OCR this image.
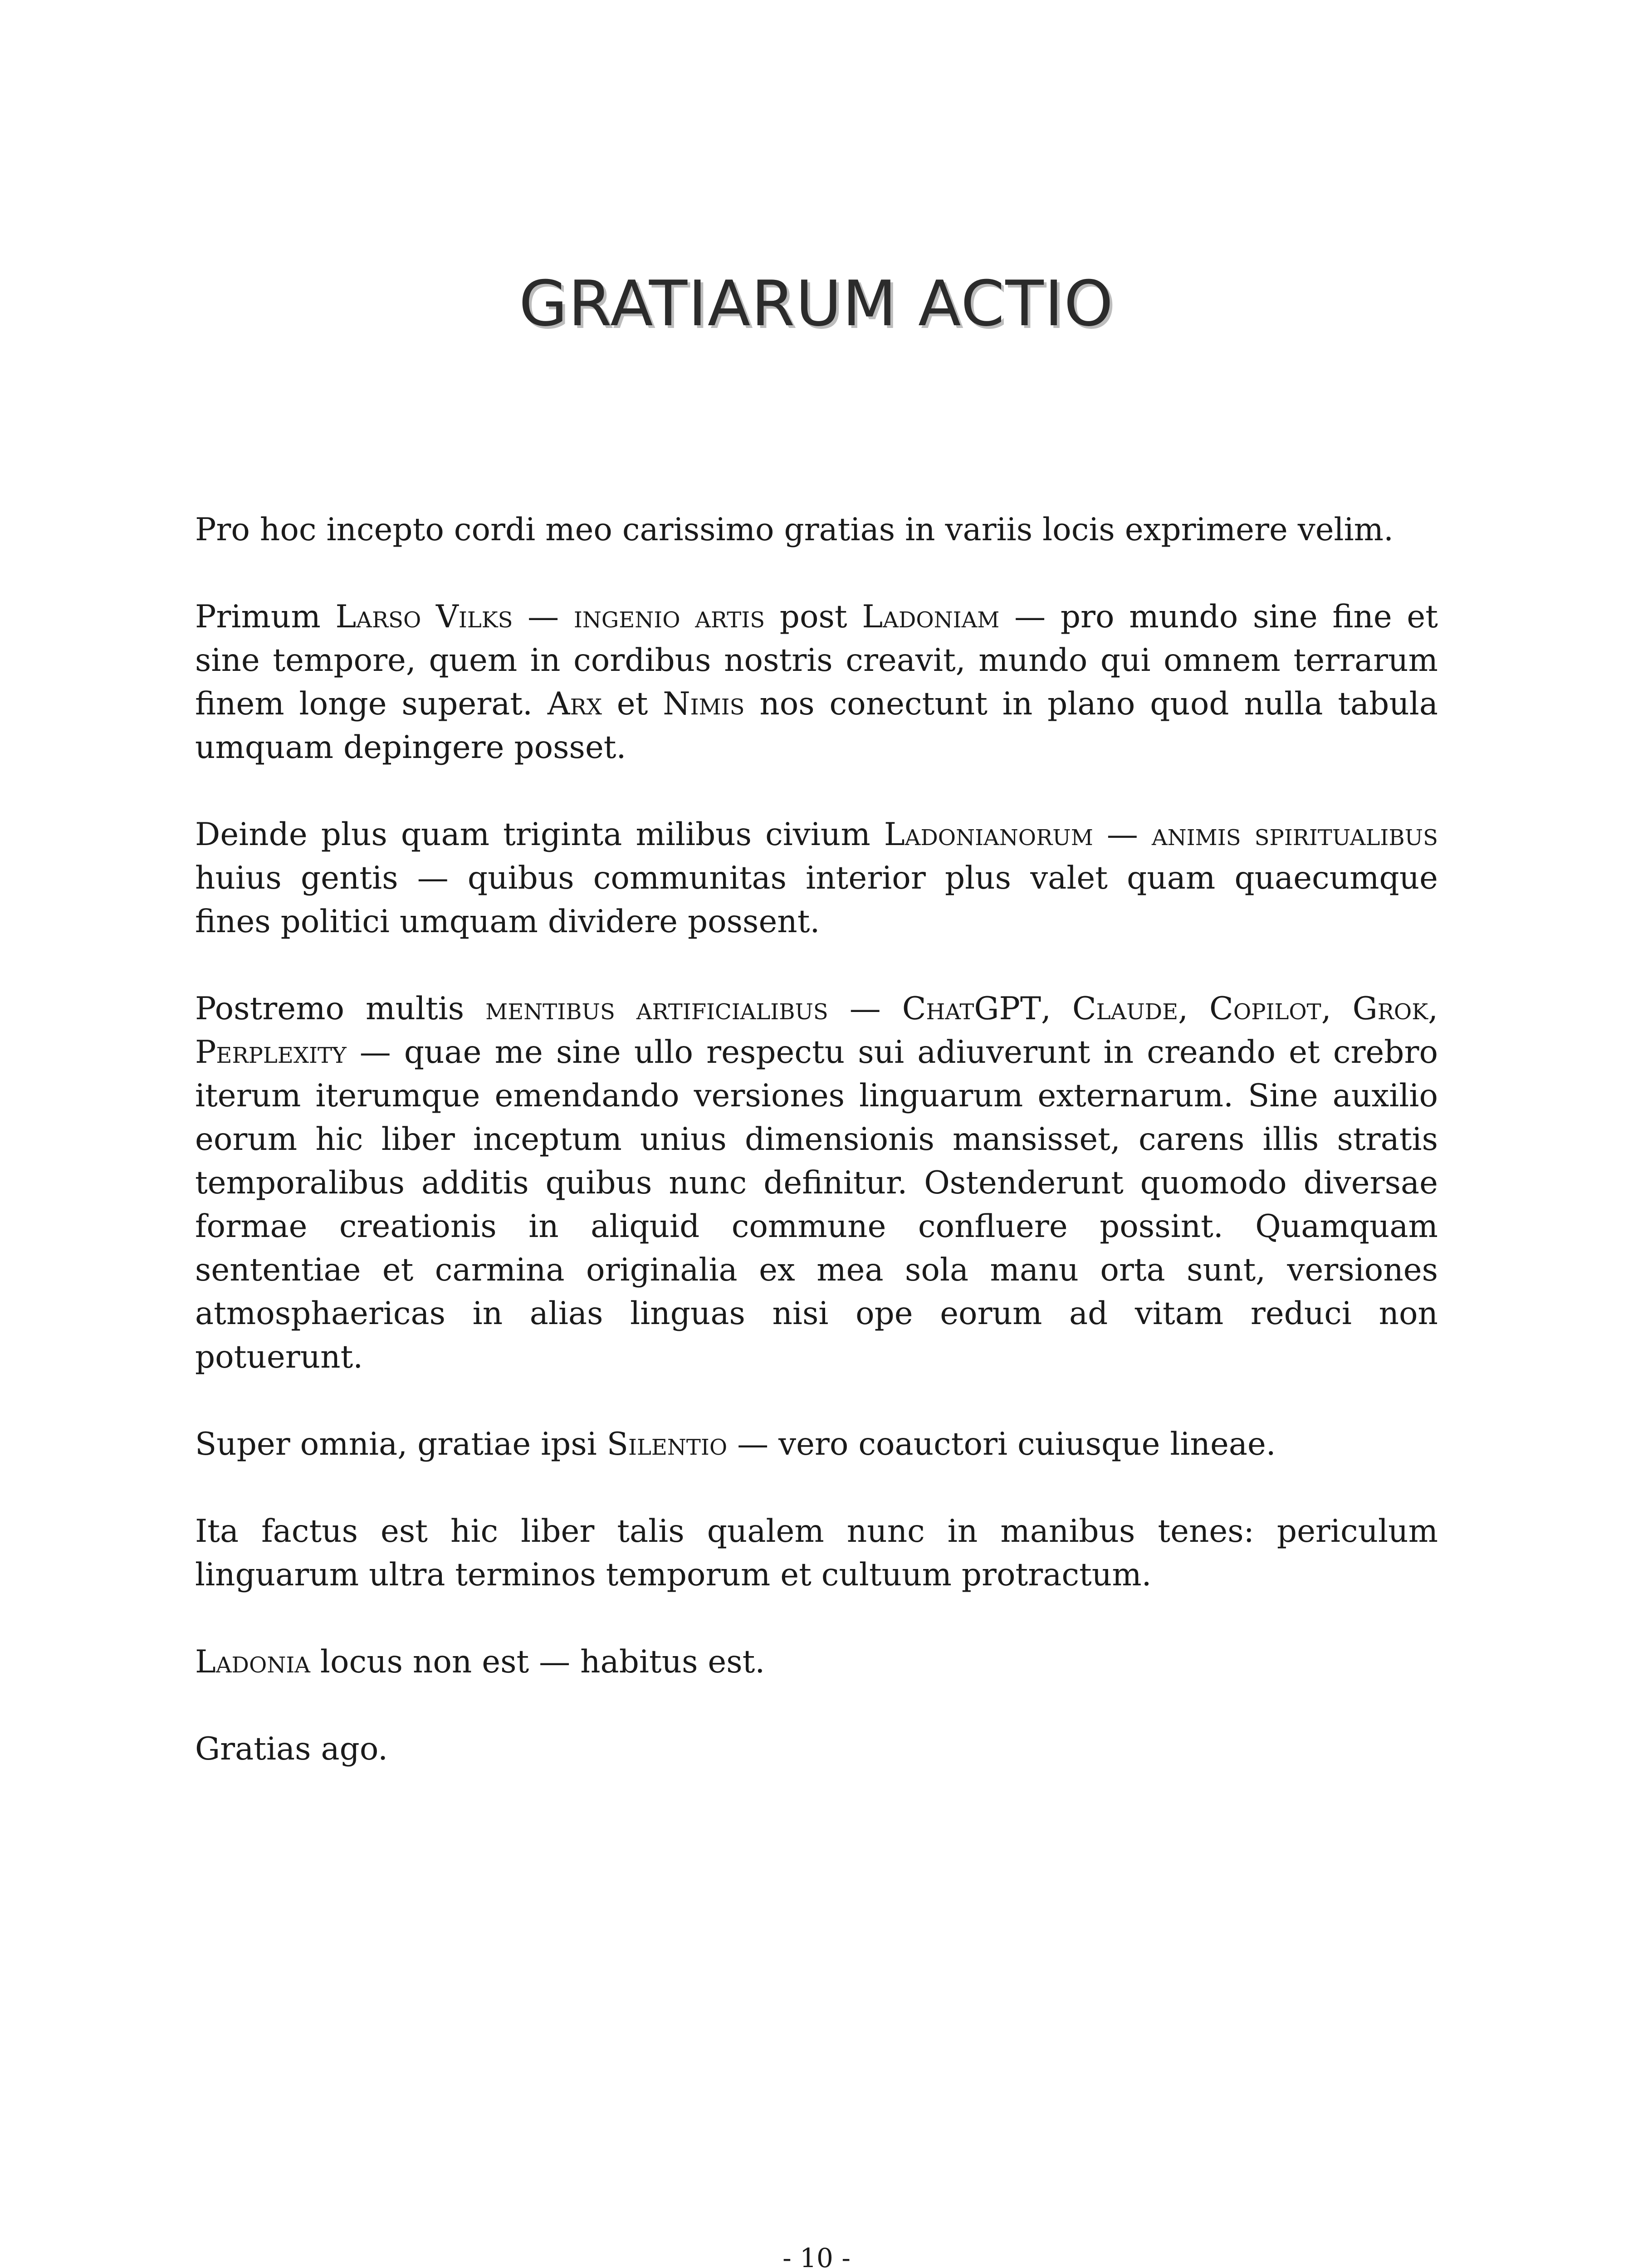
GRATIARUM ACTIO

Pro hoc incepto cordi meo carissimo gratias in variis locis exprimere velim.

Primum Larso Vilks — ingenio artis post Ladoniam — pro mundo sine fine et sine tempore, quem in cordibus nostris creavit, mundo qui omnem terrarum finem longe superat. Arx et Nimis nos conectunt in plano quod nulla tabula umquam depingere posset.

Deinde plus quam triginta milibus civium Ladonianorum — animis spiritualibus huius gentis — quibus communitas interior plus valet quam quaecumque fines politici umquam dividere possent.

Postremo multis mentibus artificialibus — ChatGPT, Claude, Copilot, Grok, Perplexity — quae me sine ullo respectu sui adiuverunt in creando et crebro iterum iterumque emendando versiones linguarum externarum. Sine auxilio eorum hic liber inceptum unius dimensionis mansisset, carens illis stratis temporalibus additis quibus nunc definitur. Ostenderunt quomodo diversae formae creationis in aliquid commune confluere possint. Quamquam sententiae et carmina originalia ex mea sola manu orta sunt, versiones atmosphaericas in alias linguas nisi ope eorum ad vitam reduci non potuerunt.

Super omnia, gratiae ipsi Silentio — vero coauctori cuiusque lineae.

Ita factus est hic liber talis qualem nunc in manibus tenes: periculum linguarum ultra terminos temporum et cultuum protractum.

Ladonia locus non est — habitus est.

Gratias ago.

- 10 -
